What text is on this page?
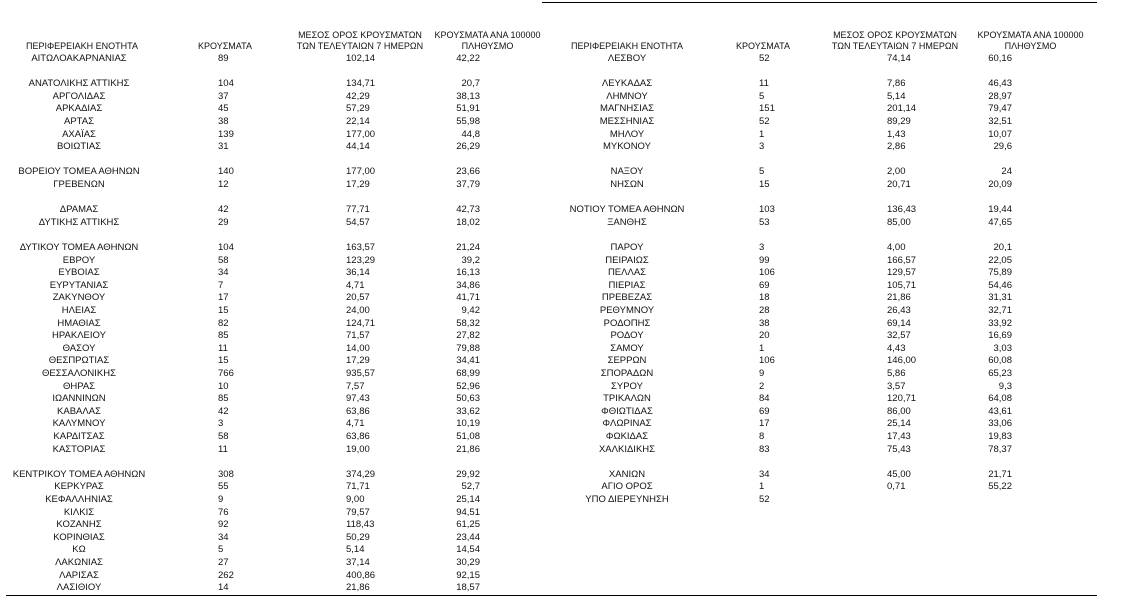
ΠΕΡΙΦΕΡΕΙΑΚΗ ΕΝΟΤΗΤΑ	ΚΡΟΥΣΜΑΤΑ
ΜΕΣΟΣ ΟΡΟΣ ΚΡΟΥΣΜΑΤΩΝ
ΤΩΝ ΤΕΛΕΥΤΑΙΩΝ 7 ΗΜΕΡΩΝ
ΚΡΟΥΣΜΑΤΑ ΑΝΑ 100000
ΠΛΗΘΥΣΜΟ	ΠΕΡΙΦΕΡΕΙΑΚΗ ΕΝΟΤΗΤΑ	ΚΡΟΥΣΜΑΤΑ
ΜΕΣΟΣ ΟΡΟΣ ΚΡΟΥΣΜΑΤΩΝ
ΤΩΝ ΤΕΛΕΥΤΑΙΩΝ 7 ΗΜΕΡΩΝ
ΚΡΟΥΣΜΑΤΑ ΑΝΑ 100000
ΠΛΗΘΥΣΜΟ
ΑΙΤΩΛΟΑΚΑΡΝΑΝΙΑΣ	89	102,14	42,22
ΑΝΑΤΟΛΙΚΗΣ ΑΤΤΙΚΗΣ	104	134,71	20,7
ΑΡΓΟΛΙΔΑΣ	37	42,29	38,13
ΑΡΚΑΔΙΑΣ	45	57,29	51,91
ΑΡΤΑΣ	38	22,14	55,98
ΑΧΑΪΑΣ	139	177,00	44,8
ΒΟΙΩΤΙΑΣ	31	44,14	26,29
ΒΟΡΕΙΟΥ ΤΟΜΕΑ ΑΘΗΝΩΝ	140	177,00	23,66
ΓΡΕΒΕΝΩΝ	12	17,29	37,79
ΔΡΑΜΑΣ	42	77,71	42,73
ΔΥΤΙΚΗΣ ΑΤΤΙΚΗΣ	29	54,57	18,02
ΔΥΤΙΚΟΥ ΤΟΜΕΑ ΑΘΗΝΩΝ	104	163,57	21,24
ΕΒΡΟΥ	58	123,29	39,2
ΕΥΒΟΙΑΣ	34	36,14	16,13
ΕΥΡΥΤΑΝΙΑΣ	7	4,71	34,86
ΖΑΚΥΝΘΟΥ	17	20,57	41,71
ΗΛΕΙΑΣ	15	24,00	9,42
ΗΜΑΘΙΑΣ	82	124,71	58,32
ΗΡΑΚΛΕΙΟΥ	85	71,57	27,82
ΘΑΣΟΥ	11	14,00	79,88
ΘΕΣΠΡΩΤΙΑΣ	15	17,29	34,41
ΘΕΣΣΑΛΟΝΙΚΗΣ	766	935,57	68,99
ΘΗΡΑΣ	10	7,57	52,96
ΙΩΑΝΝΙΝΩΝ	85	97,43	50,63
ΚΑΒΑΛΑΣ	42	63,86	33,62
ΚΑΛΥΜΝΟΥ	3	4,71	10,19
ΚΑΡΔΙΤΣΑΣ	58	63,86	51,08
ΚΑΣΤΟΡΙΑΣ	11	19,00	21,86
ΚΕΝΤΡΙΚΟΥ ΤΟΜΕΑ ΑΘΗΝΩΝ	308	374,29	29,92
ΚΕΡΚΥΡΑΣ	55	71,71	52,7
ΚΕΦΑΛΛΗΝΙΑΣ	9	9,00	25,14
ΚΙΛΚΙΣ	76	79,57	94,51
ΚΟΖΑΝΗΣ	92	118,43	61,25
ΚΟΡΙΝΘΙΑΣ	34	50,29	23,44
ΚΩ	5	5,14	14,54
ΛΑΚΩΝΙΑΣ	27	37,14	30,29
ΛΑΡΙΣΑΣ	262	400,86	92,15
ΛΑΣΙΘΙΟΥ	14	21,86	18,57
ΛΕΣΒΟΥ	52	74,14	60,16
ΛΕΥΚΑΔΑΣ	11	7,86	46,43
ΛΗΜΝΟΥ	5	5,14	28,97
ΜΑΓΝΗΣΙΑΣ	151	201,14	79,47
ΜΕΣΣΗΝΙΑΣ	52	89,29	32,51
ΜΗΛΟΥ	1	1,43	10,07
ΜΥΚΟΝΟΥ	3	2,86	29,6
ΝΑΞΟΥ	5	2,00	24
ΝΗΣΩΝ	15	20,71	20,09
ΝΟΤΙΟΥ ΤΟΜΕΑ ΑΘΗΝΩΝ	103	136,43	19,44
ΞΑΝΘΗΣ	53	85,00	47,65
ΠΑΡΟΥ	3	4,00	20,1
ΠΕΙΡΑΙΩΣ	99	166,57	22,05
ΠΕΛΛΑΣ	106	129,57	75,89
ΠΙΕΡΙΑΣ	69	105,71	54,46
ΠΡΕΒΕΖΑΣ	18	21,86	31,31
ΡΕΘΥΜΝΟΥ	28	26,43	32,71
ΡΟΔΟΠΗΣ	38	69,14	33,92
ΡΟΔΟΥ	20	32,57	16,69
ΣΑΜΟΥ	1	4,43	3,03
ΣΕΡΡΩΝ	106	146,00	60,08
ΣΠΟΡΑΔΩΝ	9	5,86	65,23
ΣΥΡΟΥ	2	3,57	9,3
ΤΡΙΚΑΛΩΝ	84	120,71	64,08
ΦΘΙΩΤΙΔΑΣ	69	86,00	43,61
ΦΛΩΡΙΝΑΣ	17	25,14	33,06
ΦΩΚΙΔΑΣ	8	17,43	19,83
ΧΑΛΚΙΔΙΚΗΣ	83	75,43	78,37
ΧΑΝΙΩΝ	34	45,00	21,71
ΑΓΙΟ ΟΡΟΣ	1	0,71	55,22
ΥΠΟ ΔΙΕΡΕΥΝΗΣΗ	52
